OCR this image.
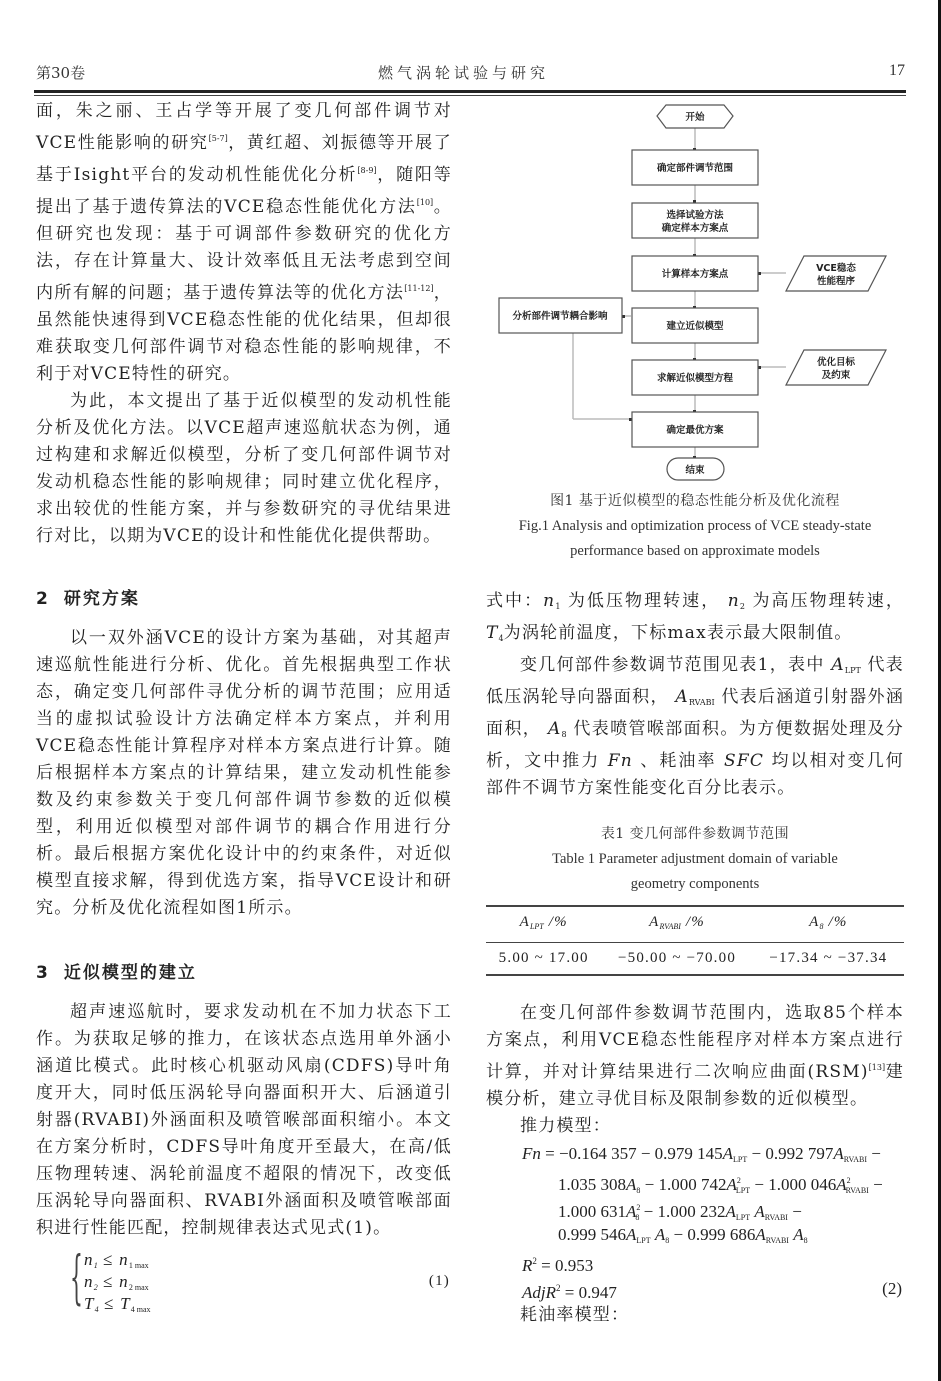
第30卷	燃气涡轮试验与研究	17

面，朱之丽、王占学等开展了变几何部件调节对VCE性能影响的研究[5-7]，黄红超、刘振德等开展了基于Isight平台的发动机性能优化分析[8-9]，随阳等提出了基于遗传算法的VCE稳态性能优化方法[10]。但研究也发现：基于可调部件参数研究的优化方法，存在计算量大、设计效率低且无法考虑到空间内所有解的问题；基于遗传算法等的优化方法[11-12]，虽然能快速得到VCE稳态性能的优化结果，但却很难获取变几何部件调节对稳态性能的影响规律，不利于对VCE特性的研究。

为此，本文提出了基于近似模型的发动机性能分析及优化方法。以VCE超声速巡航状态为例，通过构建和求解近似模型，分析了变几何部件调节对发动机稳态性能的影响规律；同时建立优化程序，求出较优的性能方案，并与参数研究的寻优结果进行对比，以期为VCE的设计和性能优化提供帮助。

2 研究方案

以一双外涵VCE的设计方案为基础，对其超声速巡航性能进行分析、优化。首先根据典型工作状态，确定变几何部件寻优分析的调节范围；应用适当的虚拟试验设计方法确定样本方案点，并利用VCE稳态性能计算程序对样本方案点进行计算。随后根据样本方案点的计算结果，建立发动机性能参数及约束参数关于变几何部件调节参数的近似模型，利用近似模型对部件调节的耦合作用进行分析。最后根据方案优化设计中的约束条件，对近似模型直接求解，得到优选方案，指导VCE设计和研究。分析及优化流程如图1所示。

3 近似模型的建立

超声速巡航时，要求发动机在不加力状态下工作。为获取足够的推力，在该状态点选用单外涵小涵道比模式。此时核心机驱动风扇(CDFS)导叶角度开大，同时低压涡轮导向器面积开大、后涵道引射器(RVABI)外涵面积及喷管喉部面积缩小。本文在方案分析时，CDFS导叶角度开至最大，在高/低压物理转速、涡轮前温度不超限的情况下，改变低压涡轮导向器面积、RVABI外涵面积及喷管喉部面积进行性能匹配，控制规律表达式见式(1)。

{ $n_1 \le n_{1 max}$
$n_2 \le n_{2 max}$
$T_4 \le T_{4 max}$
(1)
开始
确定部件调节范围
选择试验方法
确定样本方案点
计算样本方案点
VCE稳态
性能程序
建立近似模型
分析部件调节耦合影响
求解近似模型方程
优化目标
及约束
确定最优方案
结束
图1 基于近似模型的稳态性能分析及优化流程
Fig.1 Analysis and optimization process of VCE steady-state
performance based on approximate models

式中：$n_1$ 为低压物理转速， $n_2$ 为高压物理转速， $T_4$为涡轮前温度，下标max表示最大限制值。

变几何部件参数调节范围见表1，表中 $A_{LPT}$ 代表低压涡轮导向器面积， $A_{RVABI}$ 代表后涵道引射器外涵面积， $A_8$ 代表喷管喉部面积。为方便数据处理及分析，文中推力 Fn 、耗油率 SFC 均以相对变几何部件不调节方案性能变化百分比表示。

表1 变几何部件参数调节范围
Table 1 Parameter adjustment domain of variable
geometry components
$A_{LPT}$ /%	$A_{RVABI}$ /%	$A_8$ /%
5.00 ~ 17.00	−50.00 ~ −70.00	−17.34 ~ −37.34

在变几何部件参数调节范围内，选取85个样本方案点，利用VCE稳态性能程序对样本方案点进行计算，并对计算结果进行二次响应曲面(RSM)[13]建模分析，建立寻优目标及限制参数的近似模型。

推力模型：

Fn = −0.164 357 − 0.979 $145A_{LPT} - 0.992$ $797A_{RVABI}$ −
1.035 $308A_8 - 1.000$ $742A^2_{LPT} - 1.000$ $046A^2_{RVABI}$ −
1.000 $631A^2_8 - 1.000$ $232A_{LPT}$ $A_{RVABI}$ −
0.999 $546A_{LPT}$ $A_8 - 0.999$ $686A_{RVABI}$ $A_8$
$R^2 = 0.953$
AdjR$^2$ = 0.947	(2)

耗油率模型：
